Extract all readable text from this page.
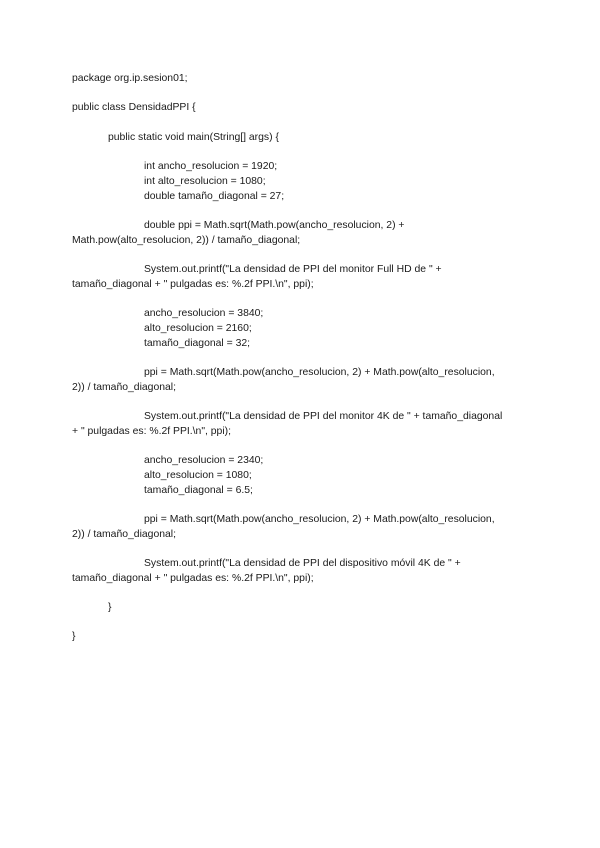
package org.ip.sesion01;

public class DensidadPPI {

public static void main(String[] args) {

int ancho_resolucion = 1920;

int alto_resolucion = 1080;

double tamaño_diagonal = 27;

double ppi = Math.sqrt(Math.pow(ancho_resolucion, 2) +

Math.pow(alto_resolucion, 2)) / tamaño_diagonal;

System.out.printf("La densidad de PPI del monitor Full HD de " +

tamaño_diagonal + " pulgadas es: %.2f PPI.\n", ppi);

ancho_resolucion = 3840;

alto_resolucion = 2160;

tamaño_diagonal = 32;

ppi = Math.sqrt(Math.pow(ancho_resolucion, 2) + Math.pow(alto_resolucion,

2)) / tamaño_diagonal;

System.out.printf("La densidad de PPI del monitor 4K de " + tamaño_diagonal

+ " pulgadas es: %.2f PPI.\n", ppi);

ancho_resolucion = 2340;

alto_resolucion = 1080;

tamaño_diagonal = 6.5;

ppi = Math.sqrt(Math.pow(ancho_resolucion, 2) + Math.pow(alto_resolucion,

2)) / tamaño_diagonal;

System.out.printf("La densidad de PPI del dispositivo móvil 4K de " +

tamaño_diagonal + " pulgadas es: %.2f PPI.\n", ppi);

}

}
